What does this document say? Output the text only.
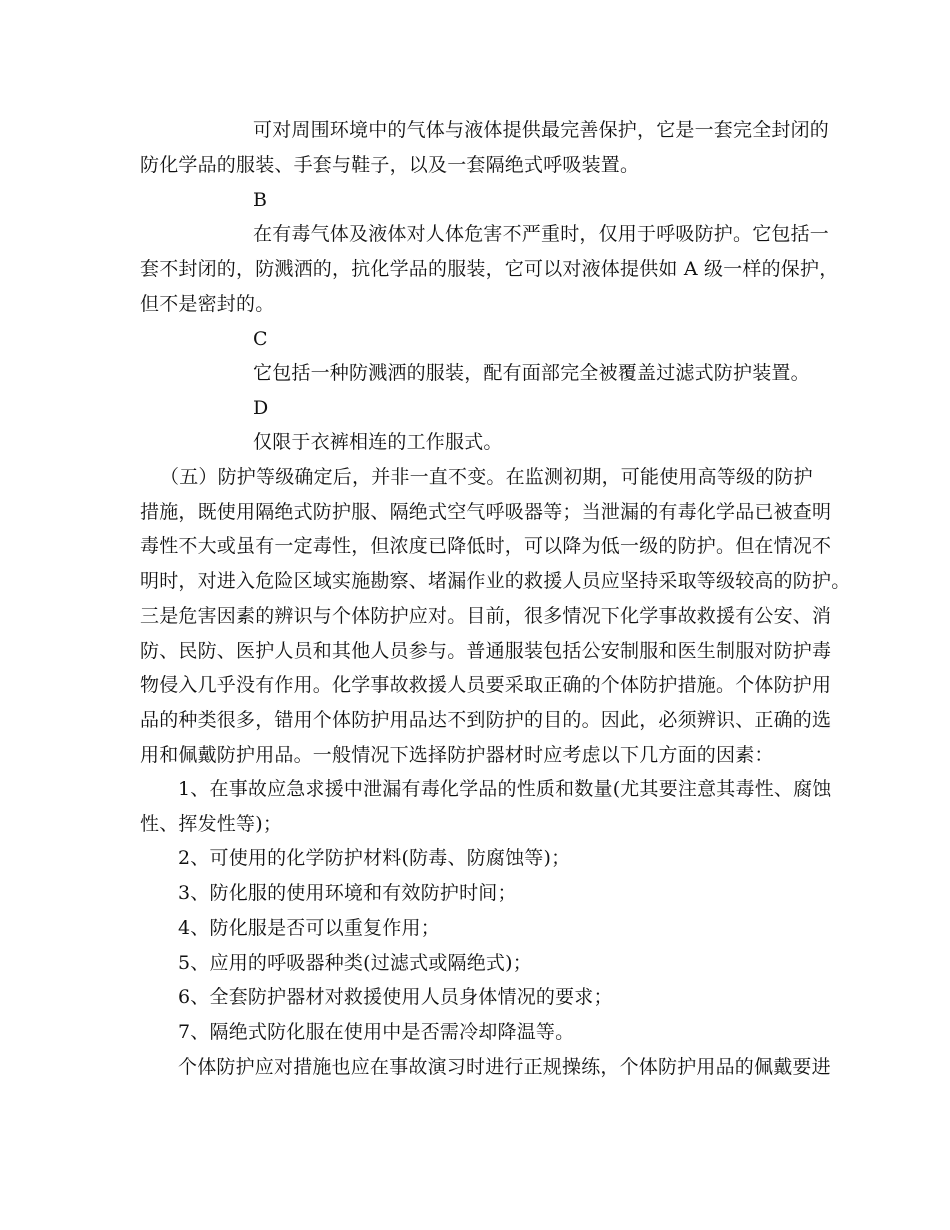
可对周围环境中的气体与液体提供最完善保护，它是一套完全封闭的
防化学品的服装、手套与鞋子，以及一套隔绝式呼吸装置。
B
在有毒气体及液体对人体危害不严重时，仅用于呼吸防护。它包括一
套不封闭的，防溅洒的，抗化学品的服装，它可以对液体提供如 A 级一样的保护，
但不是密封的。
C
它包括一种防溅洒的服装，配有面部完全被覆盖过滤式防护装置。
D
仅限于衣裤相连的工作服式。
（五）防护等级确定后，并非一直不变。在监测初期，可能使用高等级的防护
措施，既使用隔绝式防护服、隔绝式空气呼吸器等；当泄漏的有毒化学品已被查明
毒性不大或虽有一定毒性，但浓度已降低时，可以降为低一级的防护。但在情况不
明时，对进入危险区域实施勘察、堵漏作业的救援人员应坚持采取等级较高的防护。
三是危害因素的辨识与个体防护应对。目前，很多情况下化学事故救援有公安、消
防、民防、医护人员和其他人员参与。普通服装包括公安制服和医生制服对防护毒
物侵入几乎没有作用。化学事故救援人员要采取正确的个体防护措施。个体防护用
品的种类很多，错用个体防护用品达不到防护的目的。因此，必须辨识、正确的选
用和佩戴防护用品。一般情况下选择防护器材时应考虑以下几方面的因素：
1、在事故应急求援中泄漏有毒化学品的性质和数量(尤其要注意其毒性、腐蚀
性、挥发性等)；
2、可使用的化学防护材料(防毒、防腐蚀等)；
3、防化服的使用环境和有效防护时间；
4、防化服是否可以重复作用；
5、应用的呼吸器种类(过滤式或隔绝式)；
6、全套防护器材对救援使用人员身体情况的要求；
7、隔绝式防化服在使用中是否需冷却降温等。
个体防护应对措施也应在事故演习时进行正规操练，个体防护用品的佩戴要进
